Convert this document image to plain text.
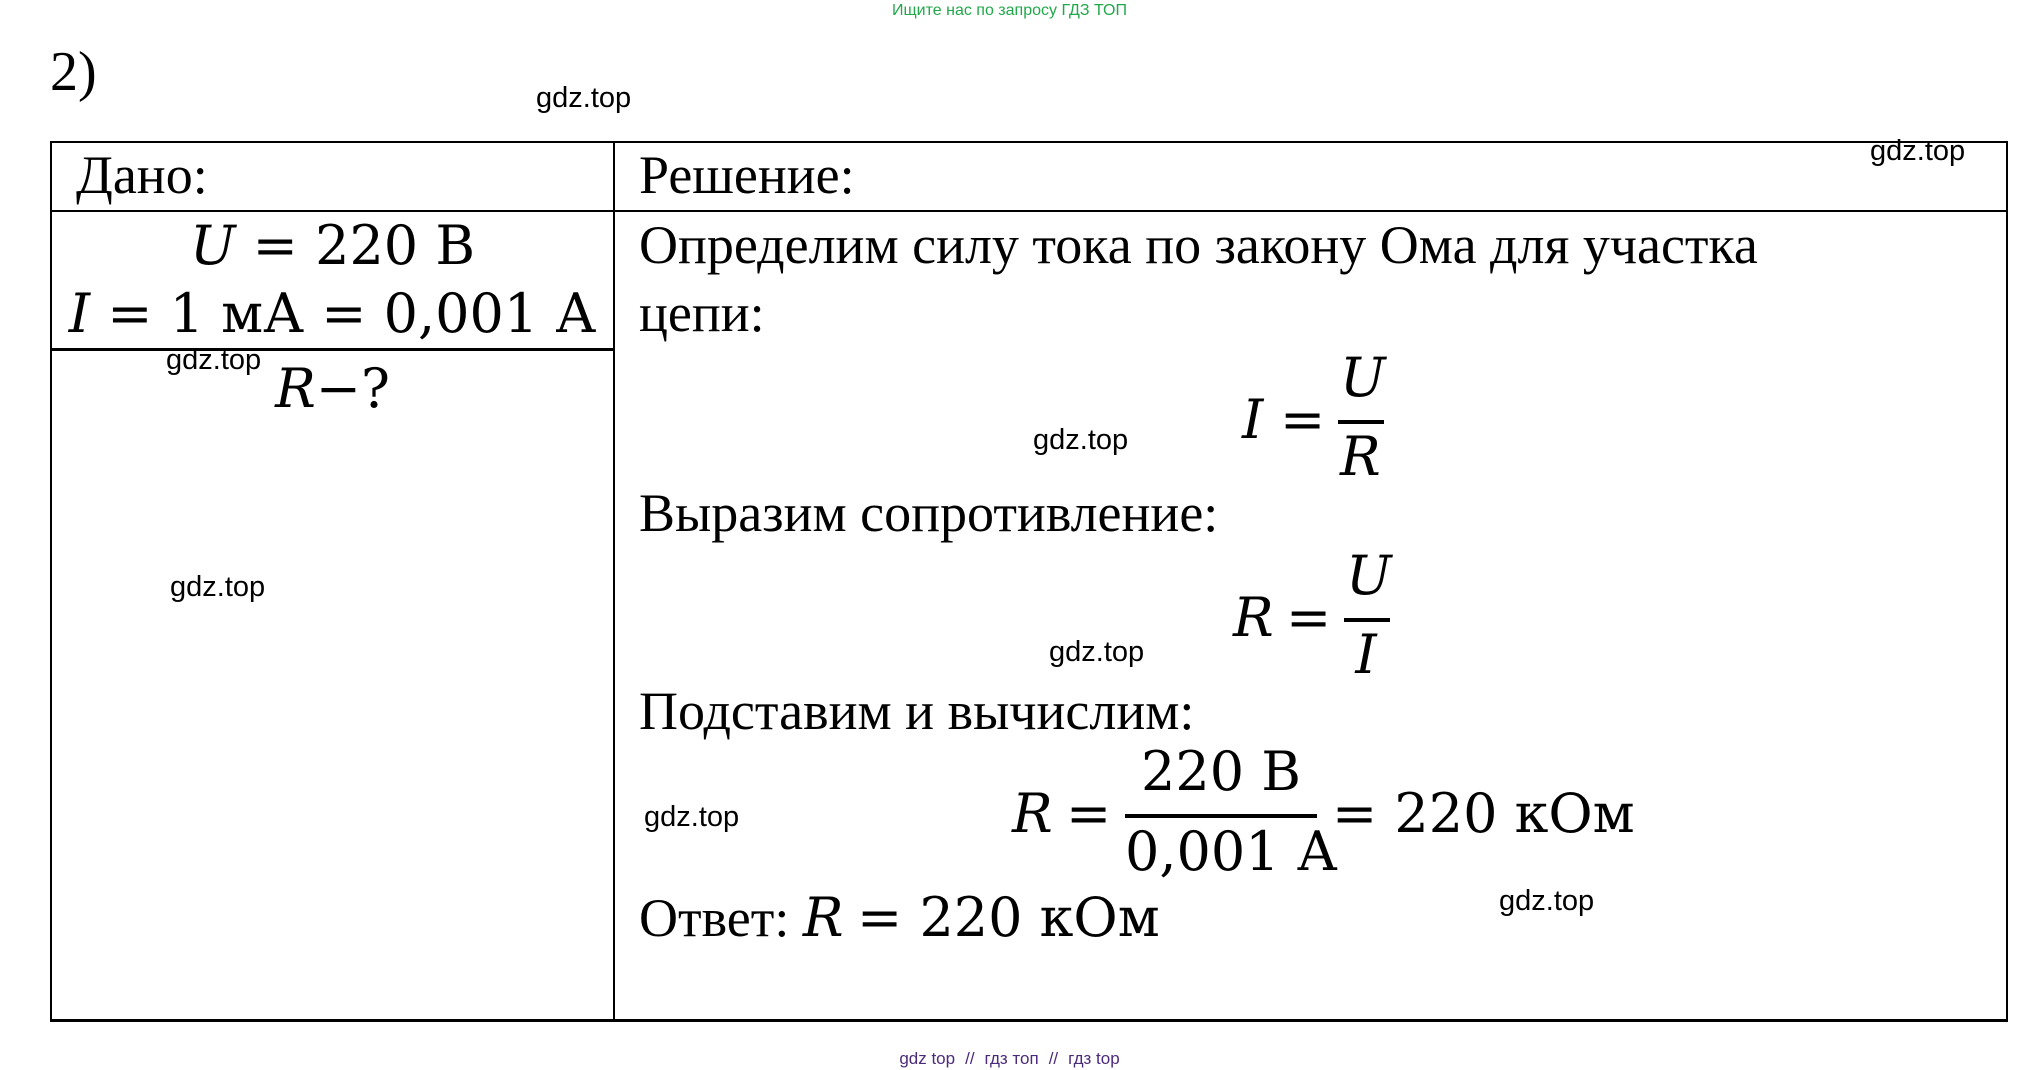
Ищите нас по запросу ГДЗ ТОП
2)
Дано:	Решение:
U = 220 В
I = 1 мА = 0,001 А
R−?
Определим силу тока по закону Ома для участка
цепи:
I =
U
R
Выразим сопротивление:
R =
U
I
Подставим и вычислим:
R =
220 В
0,001 А
= 220 кОм
Ответ: R = 220 кОм
gdz.top
gdz.top
gdz.top
gdz.top
gdz.top
gdz.top
gdz.top
gdz.top
gdz top // гдз топ // гдз top
